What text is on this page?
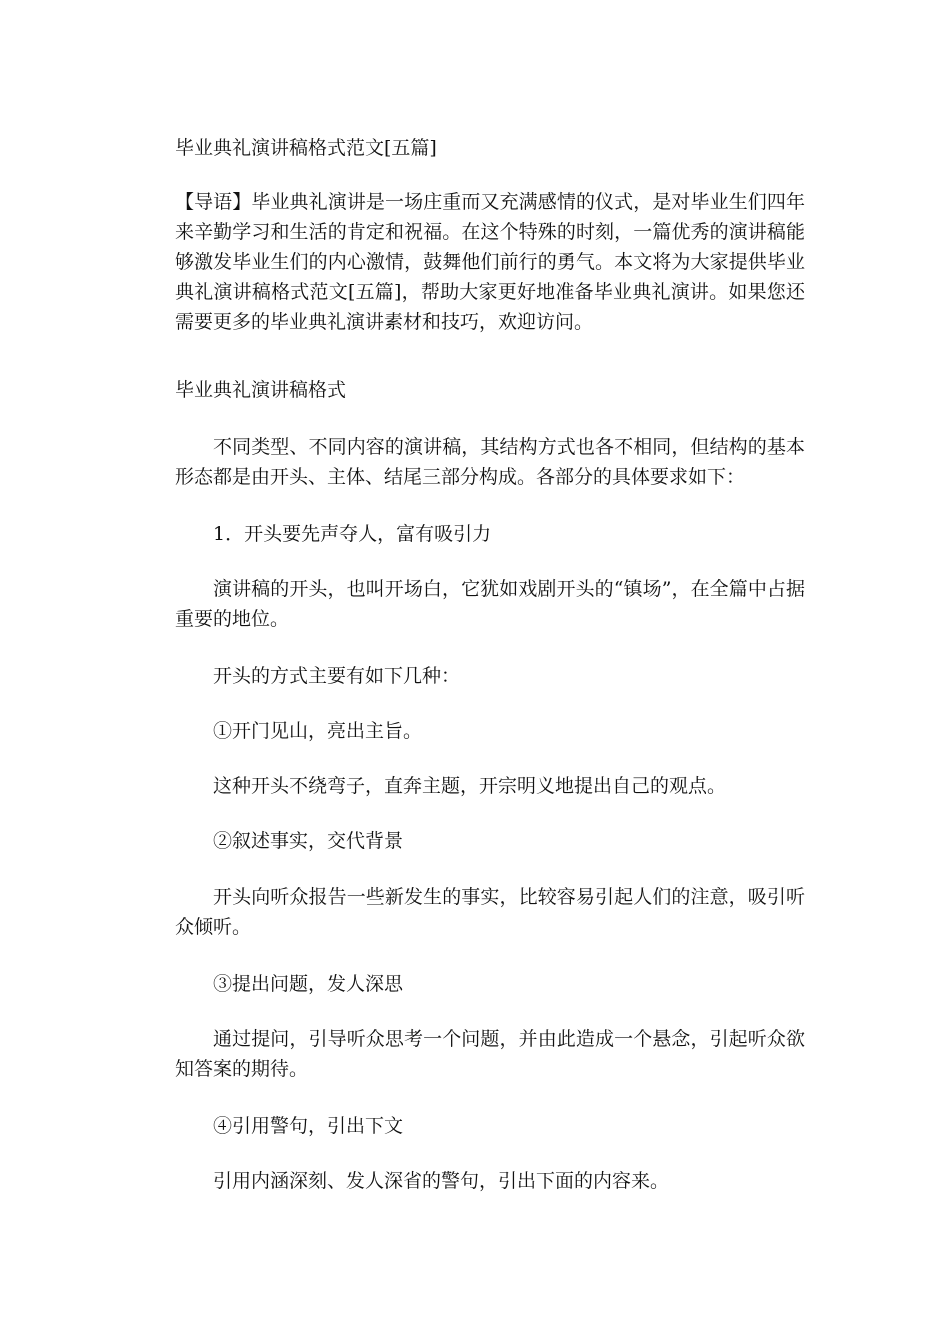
毕业典礼演讲稿格式范文[五篇]

【导语】毕业典礼演讲是一场庄重而又充满感情的仪式，是对毕业生们四年来辛勤学习和生活的肯定和祝福。在这个特殊的时刻，一篇优秀的演讲稿能够激发毕业生们的内心激情，鼓舞他们前行的勇气。本文将为大家提供毕业典礼演讲稿格式范文[五篇]，帮助大家更好地准备毕业典礼演讲。如果您还需要更多的毕业典礼演讲素材和技巧，欢迎访问。

毕业典礼演讲稿格式

不同类型、不同内容的演讲稿，其结构方式也各不相同，但结构的基本形态都是由开头、主体、结尾三部分构成。各部分的具体要求如下：

1．开头要先声夺人，富有吸引力

演讲稿的开头，也叫开场白，它犹如戏剧开头的“镇场”，在全篇中占据重要的地位。

开头的方式主要有如下几种：

①开门见山，亮出主旨。

这种开头不绕弯子，直奔主题，开宗明义地提出自己的观点。

②叙述事实，交代背景

开头向听众报告一些新发生的事实，比较容易引起人们的注意，吸引听众倾听。

③提出问题，发人深思

通过提问，引导听众思考一个问题，并由此造成一个悬念，引起听众欲知答案的期待。

④引用警句，引出下文

引用内涵深刻、发人深省的警句，引出下面的内容来。
